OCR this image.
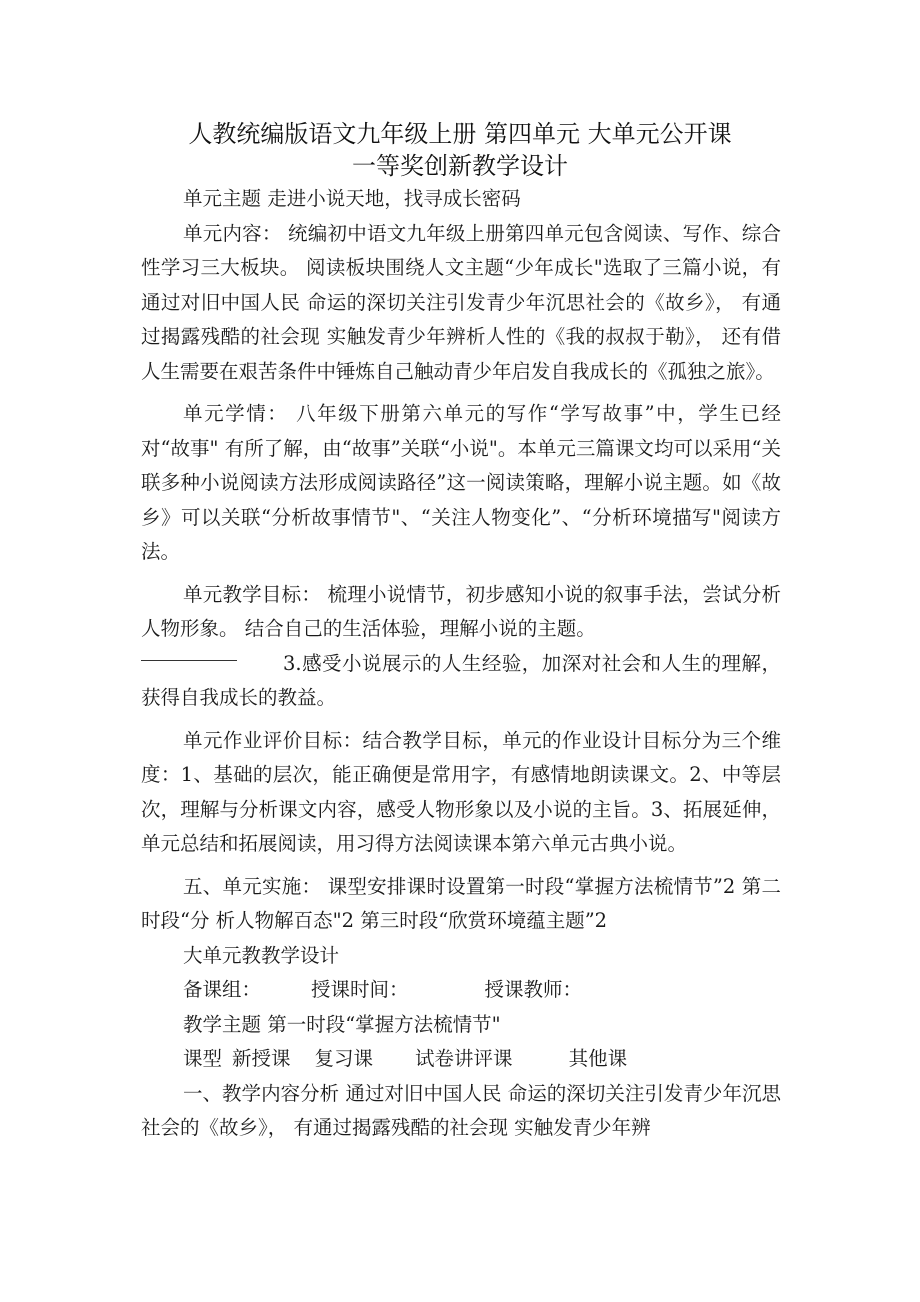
人教统编版语文九年级上册 第四单元 大单元公开课
一等奖创新教学设计

单元主题 走进小说天地，找寻成长密码

单元内容： 统编初中语文九年级上册第四单元包含阅读、写作、综合性学习三大板块。 阅读板块围绕人文主题“少年成长"选取了三篇小说，有通过对旧中国人民 命运的深切关注引发青少年沉思社会的《故乡》， 有通过揭露残酷的社会现 实触发青少年辨析人性的《我的叔叔于勒》， 还有借人生需要在艰苦条件中锤炼自己触动青少年启发自我成长的《孤独之旅》。

单元学情： 八年级下册第六单元的写作“学写故事”中，学生已经对“故事" 有所了解，由“故事”关联“小说"。本单元三篇课文均可以采用“关联多种小说阅读方法形成阅读路径”这一阅读策略，理解小说主题。如《故乡》可以关联“分析故事情节"、“关注人物变化”、“分析环境描写"阅读方法。

单元教学目标： 梳理小说情节，初步感知小说的叙事手法，尝试分析人物形象。 结合自己的生活体验，理解小说的主题。

3.感受小说展示的人生经验，加深对社会和人生的理解，获得自我成长的教益。

单元作业评价目标：结合教学目标，单元的作业设计目标分为三个维度：1、基础的层次，能正确便是常用字，有感情地朗读课文。2、中等层次，理解与分析课文内容，感受人物形象以及小说的主旨。3、拓展延伸，单元总结和拓展阅读，用习得方法阅读课本第六单元古典小说。

五、单元实施： 课型安排课时设置第一时段“掌握方法梳情节”2 第二时段“分 析人物解百态"2 第三时段“欣赏环境蕴主题”2

大单元教教学设计

备课组：	授课时间：	授课教师：

教学主题 第一时段“掌握方法梳情节"

课型 新授课 复习课 试卷讲评课	其他课

一、教学内容分析 通过对旧中国人民 命运的深切关注引发青少年沉思社会的《故乡》， 有通过揭露残酷的社会现 实触发青少年辨
